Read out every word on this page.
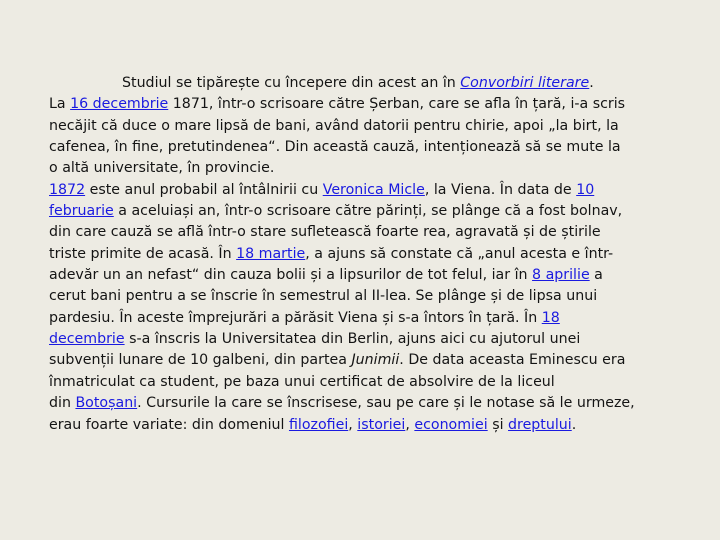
Studiul se tipărește cu începere din acest an în Convorbiri literare.
La 16 decembrie 1871, într-o scrisoare către Șerban, care se afla în țară, i-a scris
necăjit că duce o mare lipsă de bani, având datorii pentru chirie, apoi „la birt, la
cafenea, în fine, pretutindenea“. Din această cauză, intenționează să se mute la
o altă universitate, în provincie.
1872 este anul probabil al întâlnirii cu Veronica Micle, la Viena. În data de 10
februarie a aceluiași an, într-o scrisoare către părinți, se plânge că a fost bolnav,
din care cauză se află într-o stare sufletească foarte rea, agravată și de știrile
triste primite de acasă. În 18 martie, a ajuns să constate că „anul acesta e într-
adevăr un an nefast“ din cauza bolii și a lipsurilor de tot felul, iar în 8 aprilie a
cerut bani pentru a se înscrie în semestrul al II-lea. Se plânge și de lipsa unui
pardesiu. În aceste împrejurări a părăsit Viena și s-a întors în țară. În 18
decembrie s-a înscris la Universitatea din Berlin, ajuns aici cu ajutorul unei
subvenții lunare de 10 galbeni, din partea Junimii. De data aceasta Eminescu era
înmatriculat ca student, pe baza unui certificat de absolvire de la liceul
din Botoșani. Cursurile la care se înscrisese, sau pe care și le notase să le urmeze,
erau foarte variate: din domeniul filozofiei, istoriei, economiei și dreptului.
